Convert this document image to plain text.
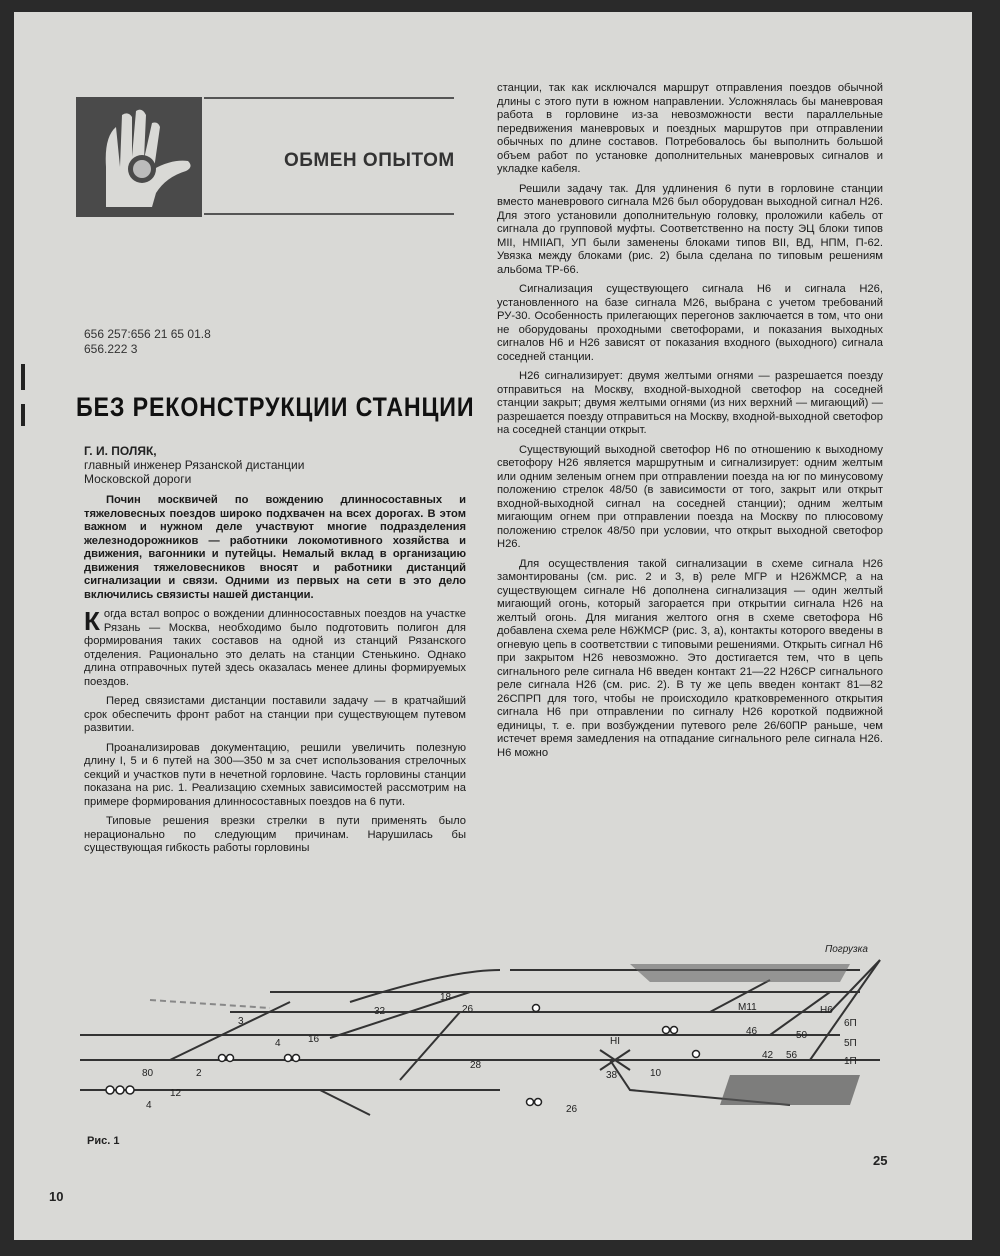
ОБМЕН ОПЫТОМ
656 257:656 21 65 01.8
656.222 3
БЕЗ РЕКОНСТРУКЦИИ СТАНЦИИ
Г. И. ПОЛЯК,
главный инженер Рязанской дистанции
Московской дороги

Почин москвичей по вождению длинносоставных и тяжеловесных поездов широко подхвачен на всех дорогах. В этом важном и нужном деле участвуют многие подразделения железнодорожников — работники локомотивного хозяйства и движения, вагонники и путейцы. Немалый вклад в организацию движения тяжеловесников вносят и работники дистанций сигнализации и связи. Одними из первых на сети в это дело включились связисты нашей дистанции.

Когда встал вопрос о вождении длинносоставных поездов на участке Рязань — Москва, необходимо было подготовить полигон для формирования таких составов на одной из станций Рязанского отделения. Рационально это делать на станции Стенькино. Однако длина отправочных путей здесь оказалась менее длины формируемых поездов.

Перед связистами дистанции поставили задачу — в кратчайший срок обеспечить фронт работ на станции при существующем путевом развитии.

Проанализировав документацию, решили увеличить полезную длину I, 5 и 6 путей на 300—350 м за счет использования стрелочных секций и участков пути в нечетной горловине. Часть горловины станции показана на рис. 1. Реализацию схемных зависимостей рассмотрим на примере формирования длинносоставных поездов на 6 пути.

Типовые решения врезки стрелки в пути применять было нерационально по следующим причинам. Нарушилась бы существующая гибкость работы горловины

станции, так как исключался маршрут отправления поездов обычной длины с этого пути в южном направлении. Усложнялась бы маневровая работа в горловине из-за невозможности вести параллельные передвижения маневровых и поездных маршрутов при отправлении обычных по длине составов. Потребовалось бы выполнить большой объем работ по установке дополнительных маневровых сигналов и укладке кабеля.

Решили задачу так. Для удлинения 6 пути в горловине станции вместо маневрового сигнала М26 был оборудован выходной сигнал Н26. Для этого установили дополнительную головку, проложили кабель от сигнала до групповой муфты. Соответственно на посту ЭЦ блоки типов МII, НМIIАП, УП были заменены блоками типов ВII, ВД, НПМ, П-62. Увязка между блоками (рис. 2) была сделана по типовым решениям альбома ТР-66.

Сигнализация существующего сигнала Н6 и сигнала Н26, установленного на базе сигнала М26, выбрана с учетом требований РУ-30. Особенность прилегающих перегонов заключается в том, что они не оборудованы проходными светофорами, и показания выходных сигналов Н6 и Н26 зависят от показания входного (выходного) сигнала соседней станции.

Н26 сигнализирует: двумя желтыми огнями — разрешается поезду отправиться на Москву, входной-выходной светофор на соседней станции закрыт; двумя желтыми огнями (из них верхний — мигающий) — разрешается поезду отправиться на Москву, входной-выходной светофор на соседней станции открыт.

Существующий выходной светофор Н6 по отношению к выходному светофору Н26 является маршрутным и сигнализирует: одним желтым или одним зеленым огнем при отправлении поезда на юг по минусовому положению стрелок 48/50 (в зависимости от того, закрыт или открыт входной-выходной сигнал на соседней станции); одним желтым мигающим огнем при отправлении поезда на Москву по плюсовому положению стрелок 48/50 при условии, что открыт выходной светофор Н26.

Для осуществления такой сигнализации в схеме сигнала Н26 замонтированы (см. рис. 2 и 3, в) реле МГР и Н26ЖМСР, а на существующем сигнале Н6 дополнена сигнализация — один желтый мигающий огонь, который загорается при открытии сигнала Н26 на желтый огонь. Для мигания желтого огня в схеме светофора Н6 добавлена схема реле Н6ЖМСР (рис. 3, а), контакты которого введены в огневую цепь в соответствии с типовыми решениями. Открыть сигнал Н6 при закрытом Н26 невозможно. Это достигается тем, что в цепь сигнального реле сигнала Н6 введен контакт 21—22 Н26СР сигнального реле сигнала Н26 (см. рис. 2). В ту же цепь введен контакт 81—82 26СПРП для того, чтобы не происходило кратковременного открытия сигнала Н6 при отправлении по сигналу Н26 короткой подвижной единицы, т. е. при возбуждении путевого реле 26/60ПР раньше, чем истечет время замедления на отпадание сигнального реле сигнала Н26. Н6 можно

Погрузка
3
4	16
2
80
12
4
18
26
28
32
38	10
46	50
42 56
26
Н6
М11
НI
6П
5П
1П
Рис. 1
25
10
